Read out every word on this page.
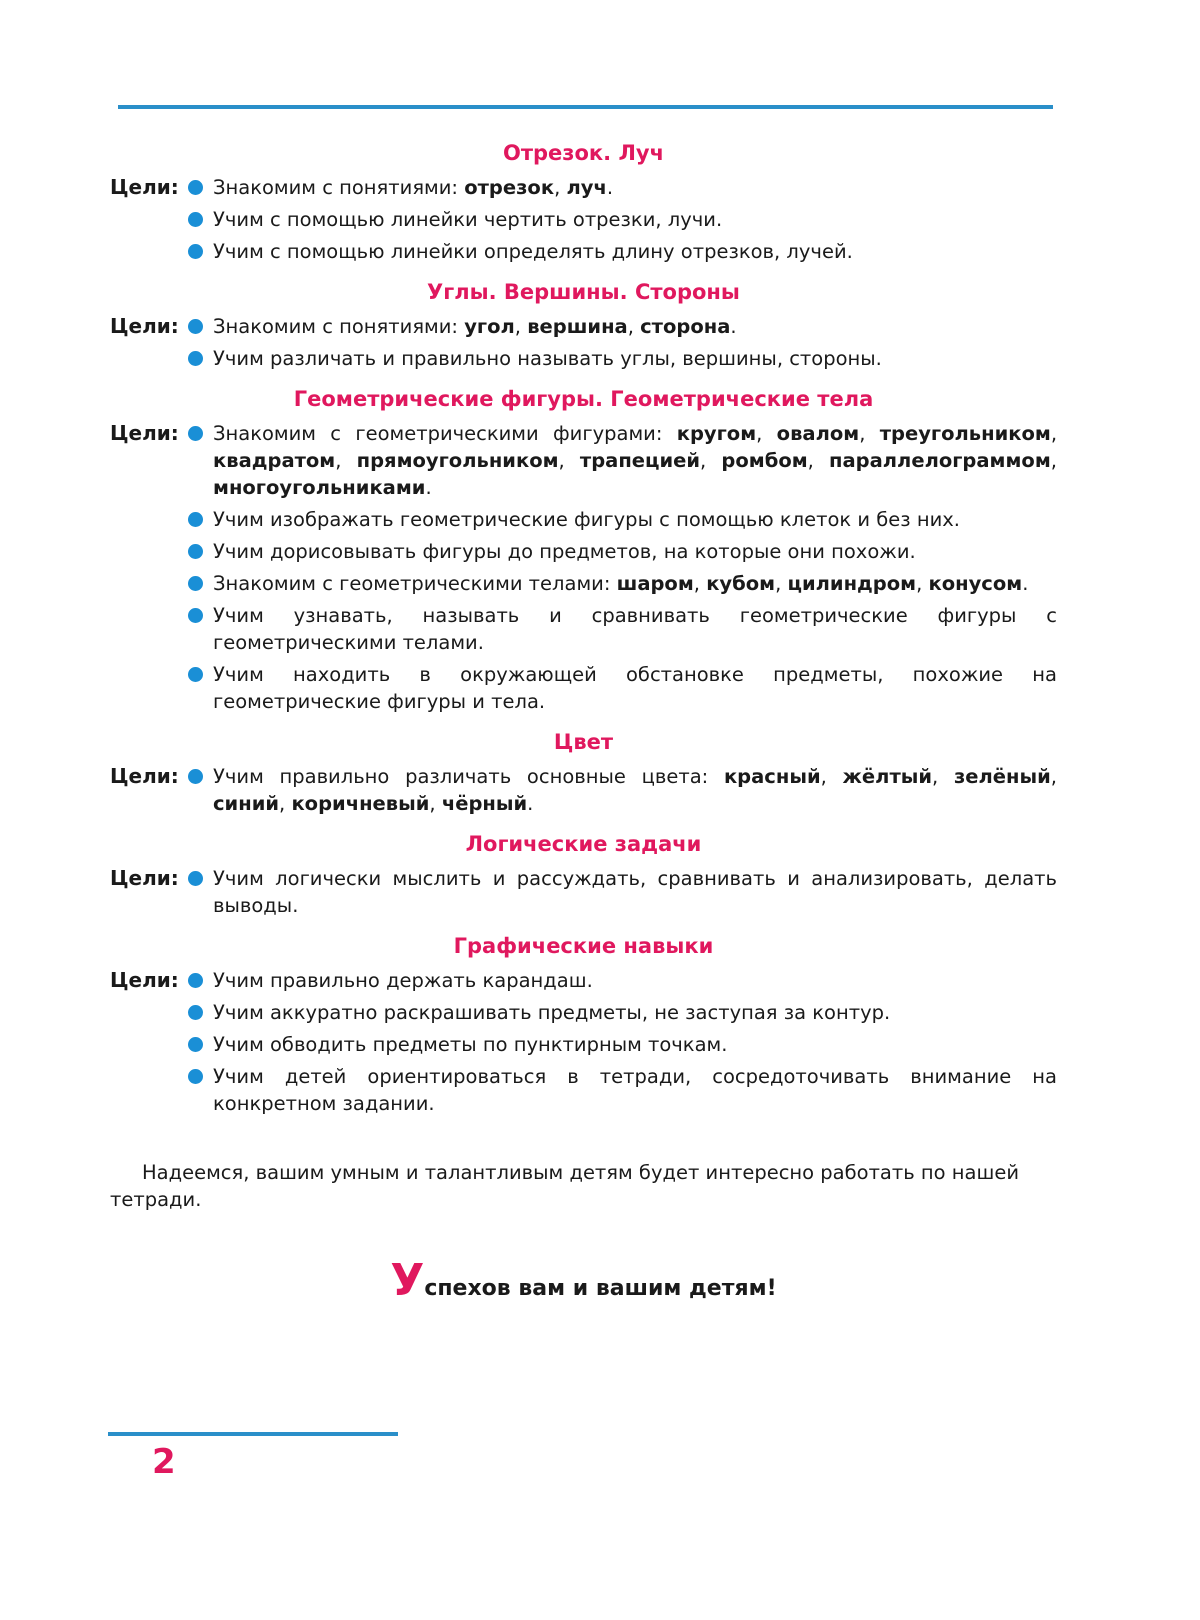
Отрезок. Луч
Цели: Знакомим с понятиями: отрезок, луч.
Учим с помощью линейки чертить отрезки, лучи.
Учим с помощью линейки определять длину отрезков, лучей.
Углы. Вершины. Стороны
Цели: Знакомим с понятиями: угол, вершина, сторона.
Учим различать и правильно называть углы, вершины, стороны.
Геометрические фигуры. Геометрические тела
Цели: Знакомим с геометрическими фигурами: кругом, овалом, треугольником, квадратом, прямоугольником, трапецией, ромбом, параллелограммом, многоугольниками.
Учим изображать геометрические фигуры с помощью клеток и без них.
Учим дорисовывать фигуры до предметов, на которые они похожи.
Знакомим с геометрическими телами: шаром, кубом, цилиндром, конусом.
Учим узнавать, называть и сравнивать геометрические фигуры с геометрическими телами.
Учим находить в окружающей обстановке предметы, похожие на геометрические фигуры и тела.
Цвет
Цели: Учим правильно различать основные цвета: красный, жёлтый, зелёный, синий, коричневый, чёрный.
Логические задачи
Цели: Учим логически мыслить и рассуждать, сравнивать и анализировать, делать выводы.
Графические навыки
Цели: Учим правильно держать карандаш.
Учим аккуратно раскрашивать предметы, не заступая за контур.
Учим обводить предметы по пунктирным точкам.
Учим детей ориентироваться в тетради, сосредоточивать внимание на конкретном задании.

Надеемся, вашим умным и талантливым детям будет интересно работать по нашей тетради.

Успехов вам и вашим детям!
2
